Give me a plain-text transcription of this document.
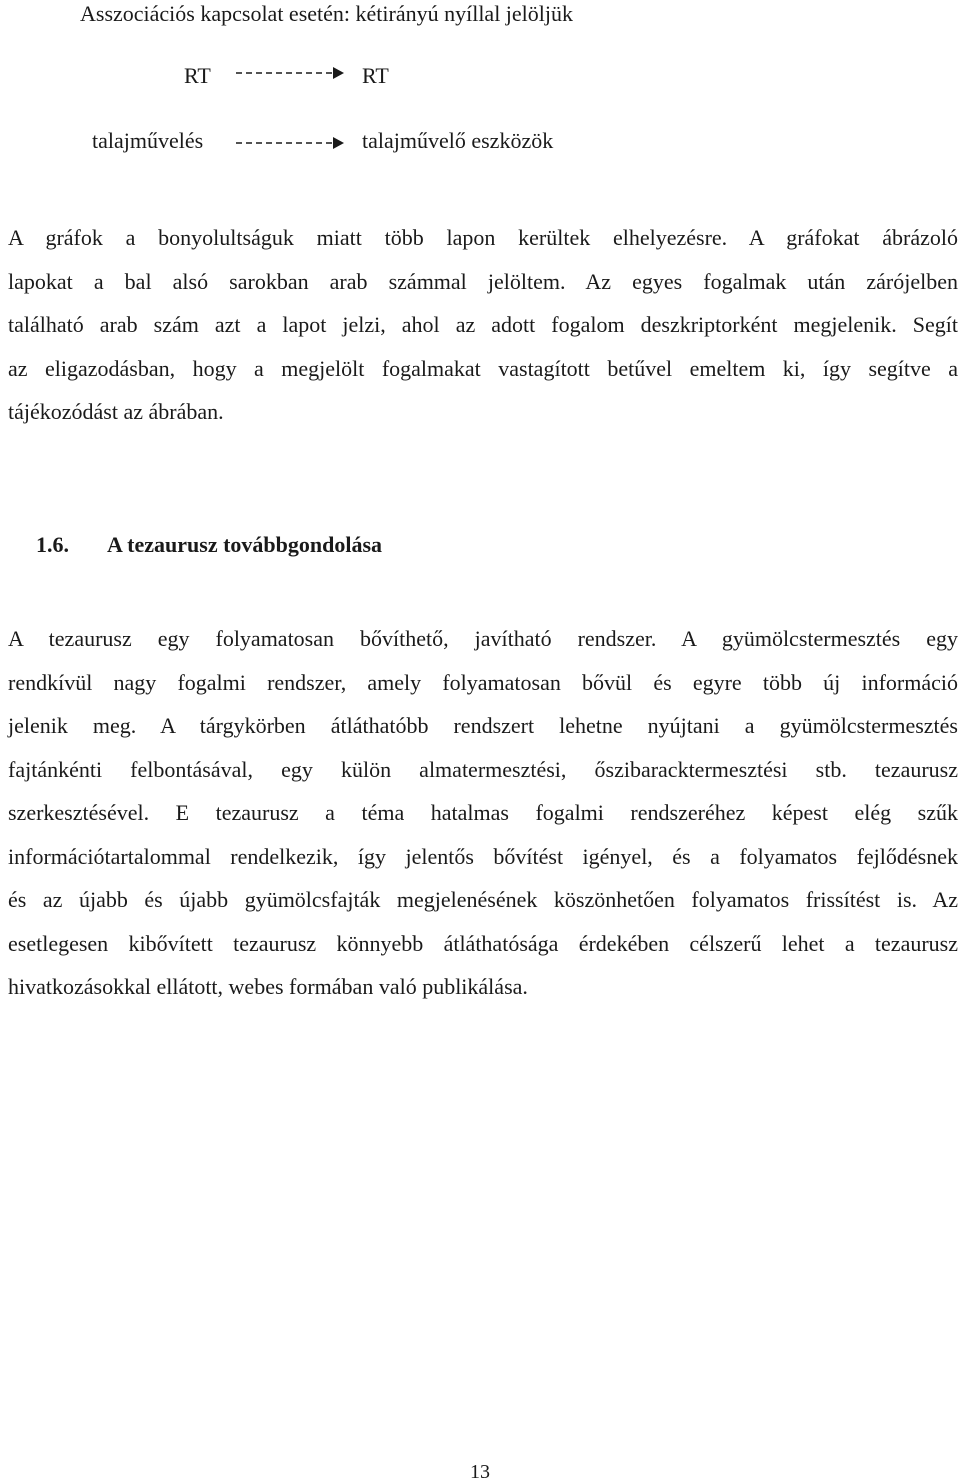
Asszociációs kapcsolat esetén: kétirányú nyíllal jelöljük
RT	RT
talajművelés	talajművelő eszközök
A gráfok a bonyolultságuk miatt több lapon kerültek elhelyezésre. A gráfokat ábrázoló
lapokat a bal alsó sarokban arab számmal jelöltem. Az egyes fogalmak után zárójelben
található arab szám azt a lapot jelzi, ahol az adott fogalom deszkriptorként megjelenik. Segít
az eligazodásban, hogy a megjelölt fogalmakat vastagított betűvel emeltem ki, így segítve a
tájékozódást az ábrában.
1.6. A tezaurusz továbbgondolása
A tezaurusz egy folyamatosan bővíthető, javítható rendszer. A gyümölcstermesztés egy
rendkívül nagy fogalmi rendszer, amely folyamatosan bővül és egyre több új információ
jelenik meg. A tárgykörben átláthatóbb rendszert lehetne nyújtani a gyümölcstermesztés
fajtánkénti felbontásával, egy külön almatermesztési, őszibaracktermesztési stb. tezaurusz
szerkesztésével. E tezaurusz a téma hatalmas fogalmi rendszeréhez képest elég szűk
információtartalommal rendelkezik, így jelentős bővítést igényel, és a folyamatos fejlődésnek
és az újabb és újabb gyümölcsfajták megjelenésének köszönhetően folyamatos frissítést is. Az
esetlegesen kibővített tezaurusz könnyebb átláthatósága érdekében célszerű lehet a tezaurusz
hivatkozásokkal ellátott, webes formában való publikálása.
13
